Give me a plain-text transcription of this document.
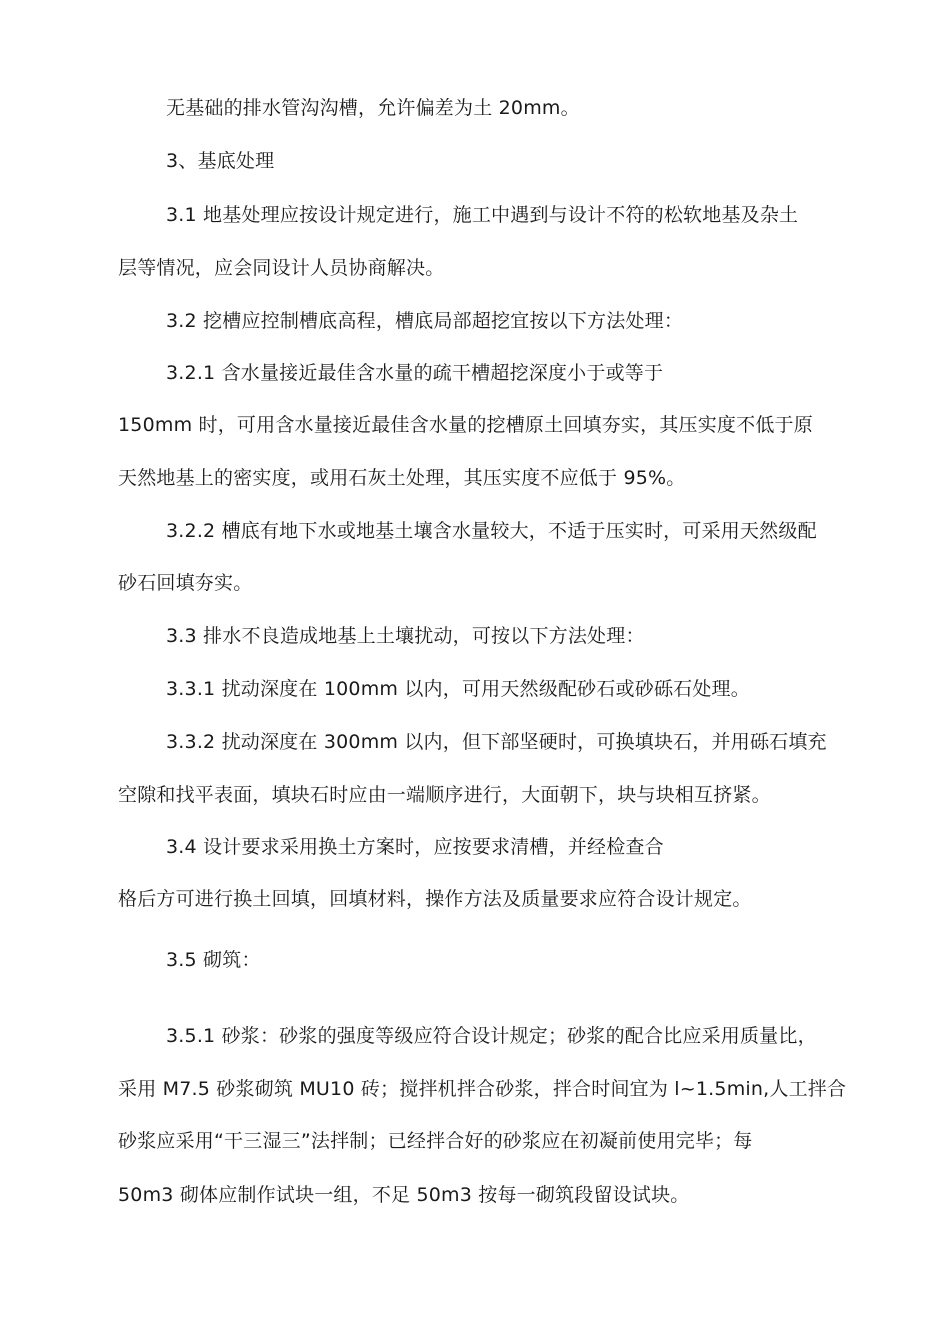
无基础的排水管沟沟槽，允许偏差为土 20mm。
3、基底处理
3.1 地基处理应按设计规定进行，施工中遇到与设计不符的松软地基及杂土
层等情况，应会同设计人员协商解决。
3.2 挖槽应控制槽底高程，槽底局部超挖宜按以下方法处理：
3.2.1 含水量接近最佳含水量的疏干槽超挖深度小于或等于
150mm 时，可用含水量接近最佳含水量的挖槽原土回填夯实，其压实度不低于原
天然地基上的密实度，或用石灰土处理，其压实度不应低于 95%。
3.2.2 槽底有地下水或地基土壤含水量较大，不适于压实时，可采用天然级配
砂石回填夯实。
3.3 排水不良造成地基上土壤扰动，可按以下方法处理：
3.3.1 扰动深度在 100mm 以内，可用天然级配砂石或砂砾石处理。
3.3.2 扰动深度在 300mm 以内，但下部坚硬时，可换填块石，并用砾石填充
空隙和找平表面，填块石时应由一端顺序进行，大面朝下，块与块相互挤紧。
3.4 设计要求采用换土方案时，应按要求清槽，并经检查合
格后方可进行换土回填，回填材料，操作方法及质量要求应符合设计规定。
3.5 砌筑：
3.5.1 砂浆：砂浆的强度等级应符合设计规定；砂浆的配合比应采用质量比，
采用 M7.5 砂浆砌筑 MU10 砖；搅拌机拌合砂浆，拌合时间宜为 l~1.5min,人工拌合
砂浆应采用“干三湿三”法拌制；已经拌合好的砂浆应在初凝前使用完毕；每
50m3 砌体应制作试块一组，不足 50m3 按每一砌筑段留设试块。
